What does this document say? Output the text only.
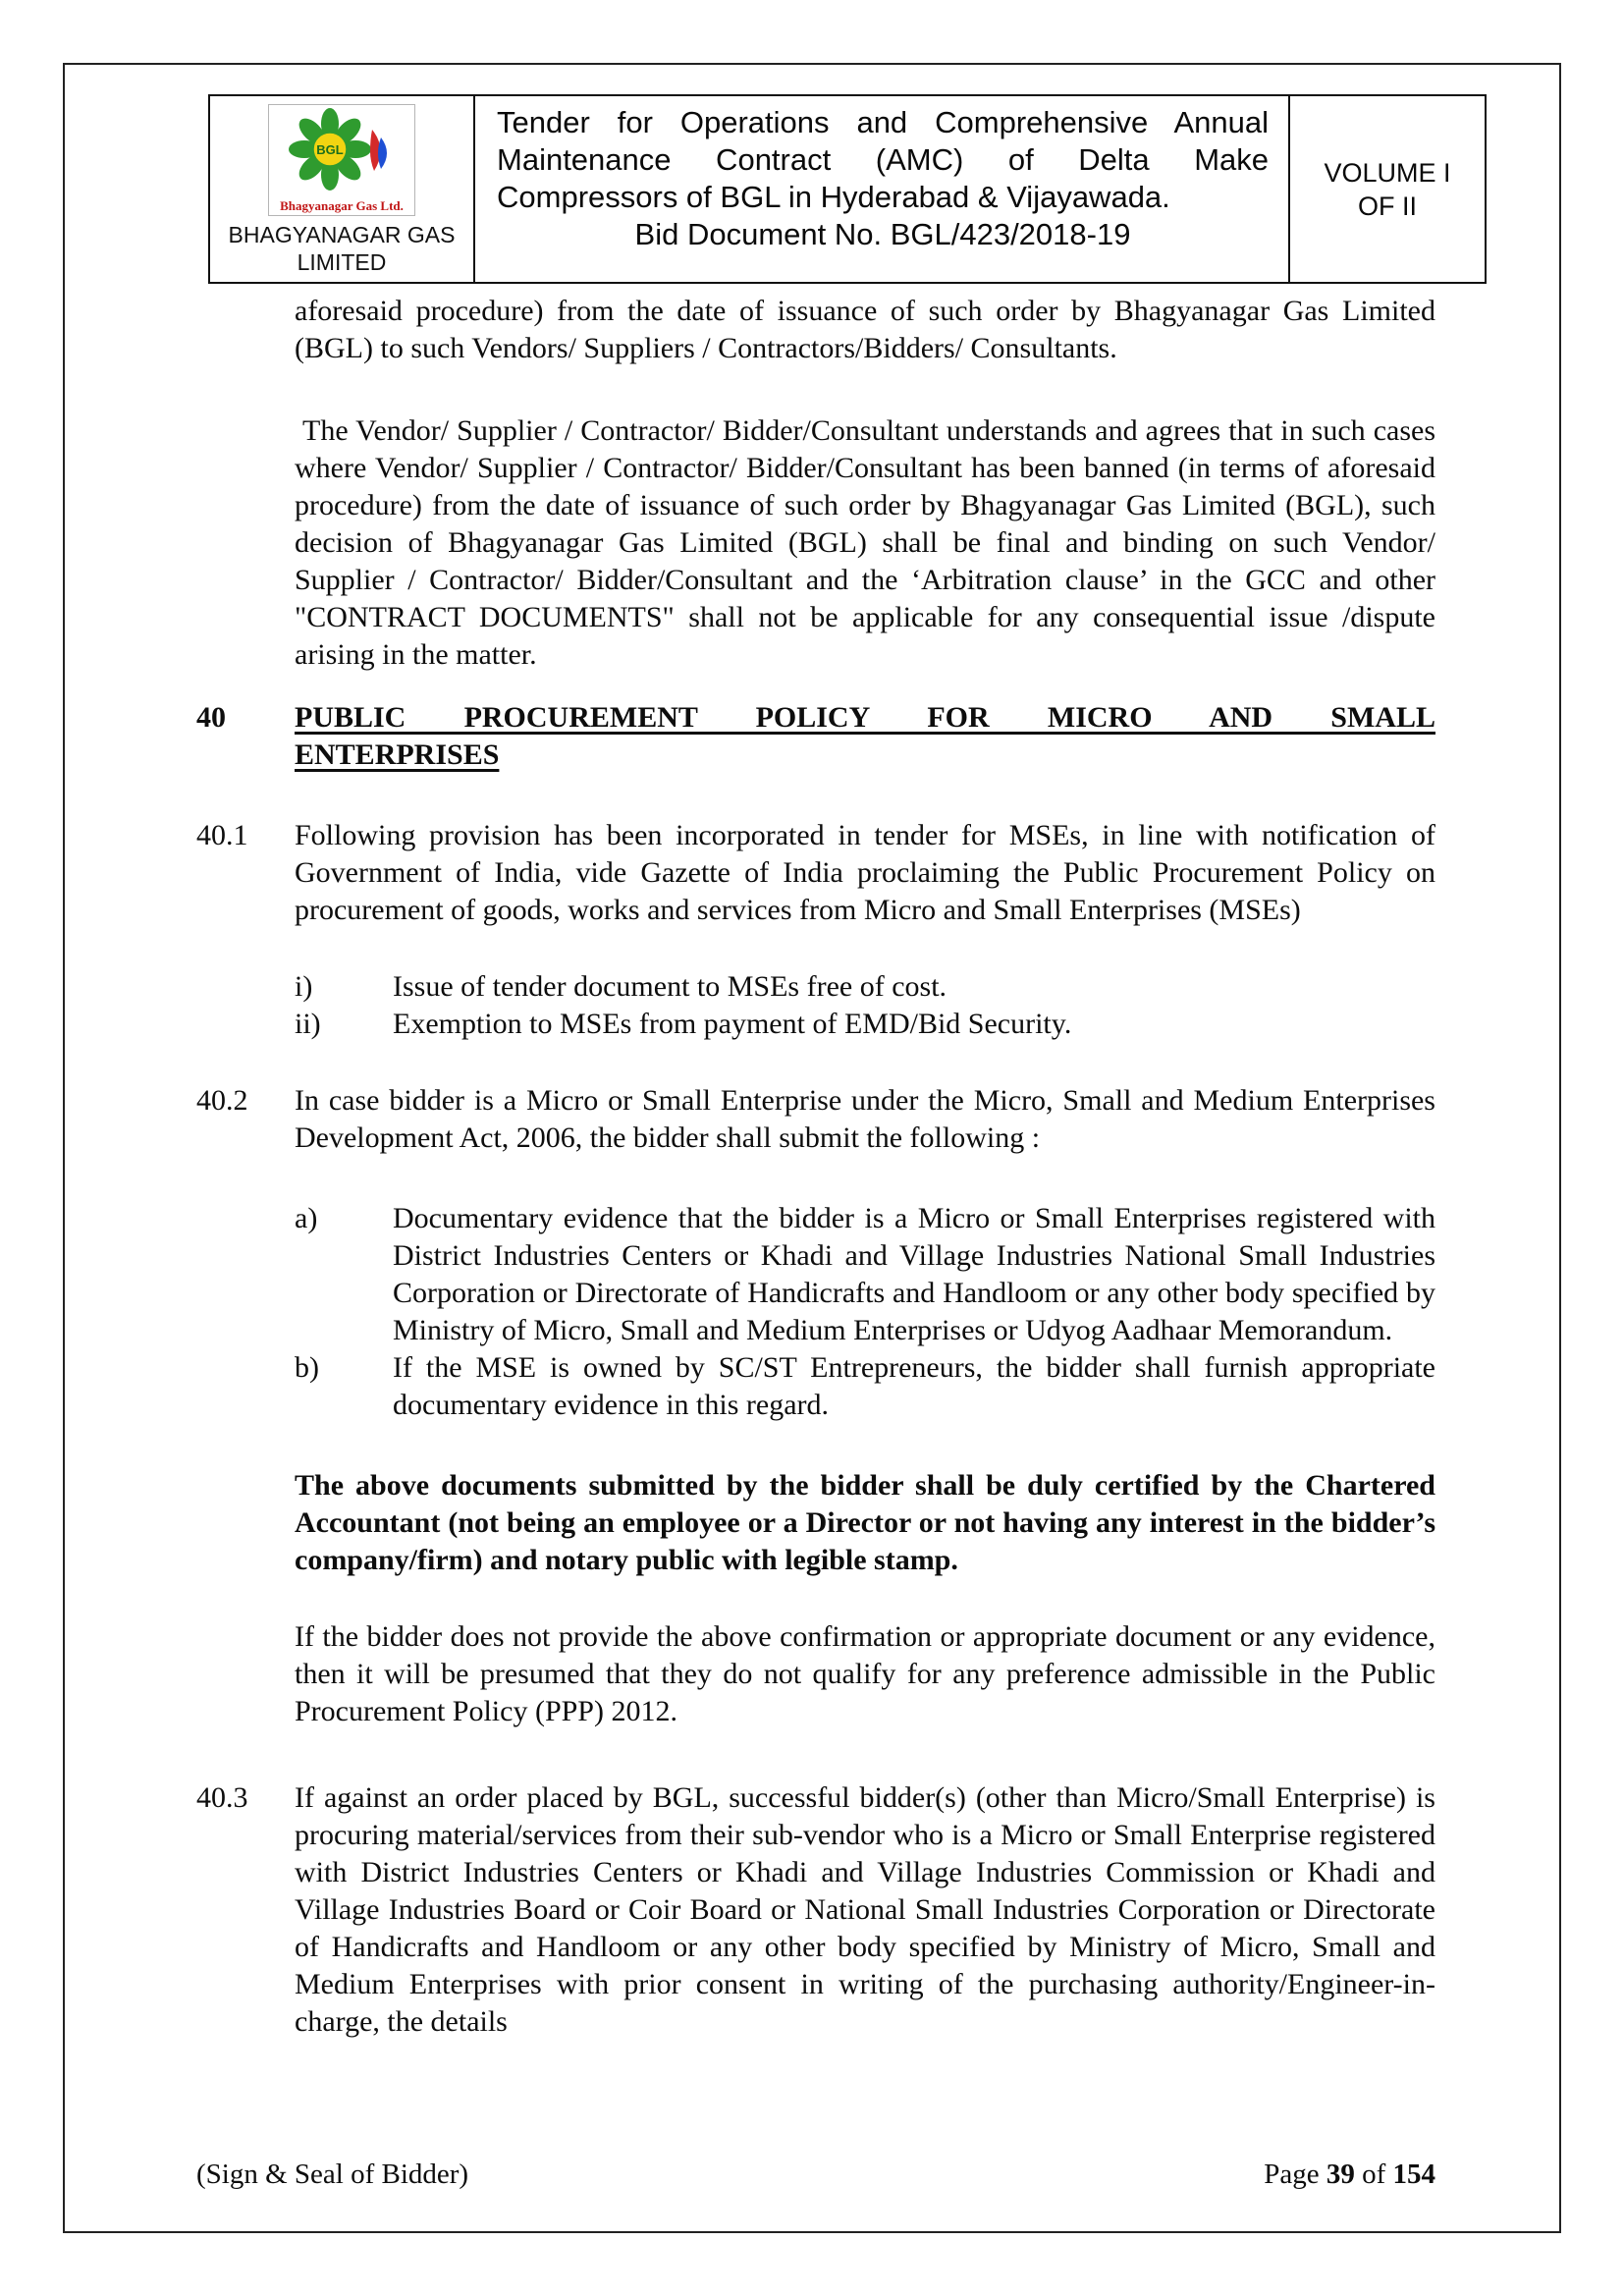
BGL
Bhagyanagar Gas Ltd.
BHAGYANAGAR GAS
LIMITED
Tender for Operations and Comprehensive Annual Maintenance Contract (AMC) of Delta Make Compressors of BGL in Hyderabad & Vijayawada.
Bid Document No. BGL/423/2018-19
VOLUME I
OF II

aforesaid procedure) from the date of issuance of such order by Bhagyanagar Gas Limited (BGL) to such Vendors/ Suppliers / Contractors/Bidders/ Consultants.

The Vendor/ Supplier / Contractor/ Bidder/Consultant understands and agrees that in such cases where Vendor/ Supplier / Contractor/ Bidder/Consultant has been banned (in terms of aforesaid procedure) from the date of issuance of such order by Bhagyanagar Gas Limited (BGL), such decision of Bhagyanagar Gas Limited (BGL) shall be final and binding on such Vendor/ Supplier / Contractor/ Bidder/Consultant and the ‘Arbitration clause’ in the GCC and other "CONTRACT DOCUMENTS" shall not be applicable for any consequential issue /dispute arising in the matter.

40	PUBLIC PROCUREMENT POLICY FOR MICRO AND SMALL
ENTERPRISES
40.1	Following provision has been incorporated in tender for MSEs, in line with notification of Government of India, vide Gazette of India proclaiming the Public Procurement Policy on procurement of goods, works and services from Micro and Small Enterprises (MSEs)
i)	Issue of tender document to MSEs free of cost.
ii)	Exemption to MSEs from payment of EMD/Bid Security.
40.2	In case bidder is a Micro or Small Enterprise under the Micro, Small and Medium Enterprises Development Act, 2006, the bidder shall submit the following :
a)	Documentary evidence that the bidder is a Micro or Small Enterprises registered with District Industries Centers or Khadi and Village Industries National Small Industries Corporation or Directorate of Handicrafts and Handloom or any other body specified by Ministry of Micro, Small and Medium Enterprises or Udyog Aadhaar Memorandum.
b)	If the MSE is owned by SC/ST Entrepreneurs, the bidder shall furnish appropriate documentary evidence in this regard.

The above documents submitted by the bidder shall be duly certified by the Chartered Accountant (not being an employee or a Director or not having any interest in the bidder’s company/firm) and notary public with legible stamp.

If the bidder does not provide the above confirmation or appropriate document or any evidence, then it will be presumed that they do not qualify for any preference admissible in the Public Procurement Policy (PPP) 2012.

40.3	If against an order placed by BGL, successful bidder(s) (other than Micro/Small Enterprise) is procuring material/services from their sub-vendor who is a Micro or Small Enterprise registered with District Industries Centers or Khadi and Village Industries Commission or Khadi and Village Industries Board or Coir Board or National Small Industries Corporation or Directorate of Handicrafts and Handloom or any other body specified by Ministry of Micro, Small and Medium Enterprises with prior consent in writing of the purchasing authority/Engineer-in-charge, the details
(Sign & Seal of Bidder)	Page 39 of 154
